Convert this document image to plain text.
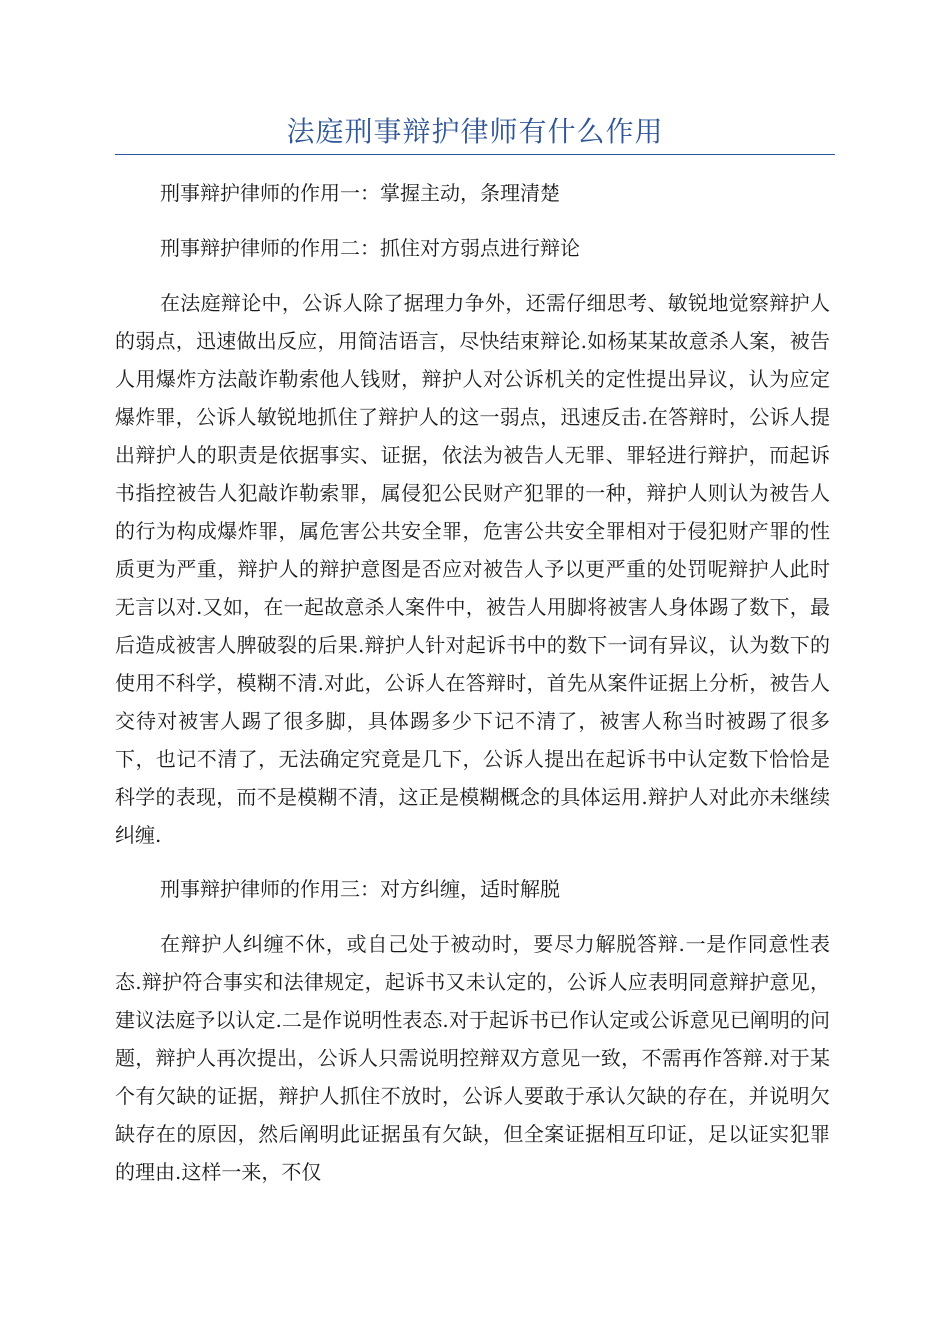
法庭刑事辩护律师有什么作用

刑事辩护律师的作用一：掌握主动，条理清楚

刑事辩护律师的作用二：抓住对方弱点进行辩论

在法庭辩论中，公诉人除了据理力争外，还需仔细思考、敏锐地觉察辩护人的弱点，迅速做出反应，用简洁语言，尽快结束辩论.如杨某某故意杀人案，被告人用爆炸方法敲诈勒索他人钱财，辩护人对公诉机关的定性提出异议，认为应定爆炸罪，公诉人敏锐地抓住了辩护人的这一弱点，迅速反击.在答辩时，公诉人提出辩护人的职责是依据事实、证据，依法为被告人无罪、罪轻进行辩护，而起诉书指控被告人犯敲诈勒索罪，属侵犯公民财产犯罪的一种，辩护人则认为被告人的行为构成爆炸罪，属危害公共安全罪，危害公共安全罪相对于侵犯财产罪的性质更为严重，辩护人的辩护意图是否应对被告人予以更严重的处罚呢辩护人此时无言以对.又如，在一起故意杀人案件中，被告人用脚将被害人身体踢了数下，最后造成被害人脾破裂的后果.辩护人针对起诉书中的数下一词有异议，认为数下的使用不科学，模糊不清.对此，公诉人在答辩时，首先从案件证据上分析，被告人交待对被害人踢了很多脚，具体踢多少下记不清了，被害人称当时被踢了很多下，也记不清了，无法确定究竟是几下，公诉人提出在起诉书中认定数下恰恰是科学的表现，而不是模糊不清，这正是模糊概念的具体运用.辩护人对此亦未继续纠缠.

刑事辩护律师的作用三：对方纠缠，适时解脱

在辩护人纠缠不休，或自己处于被动时，要尽力解脱答辩.一是作同意性表态.辩护符合事实和法律规定，起诉书又未认定的，公诉人应表明同意辩护意见，建议法庭予以认定.二是作说明性表态.对于起诉书已作认定或公诉意见已阐明的问题，辩护人再次提出，公诉人只需说明控辩双方意见一致，不需再作答辩.对于某个有欠缺的证据，辩护人抓住不放时，公诉人要敢于承认欠缺的存在，并说明欠缺存在的原因，然后阐明此证据虽有欠缺，但全案证据相互印证，足以证实犯罪的理由.这样一来，不仅
